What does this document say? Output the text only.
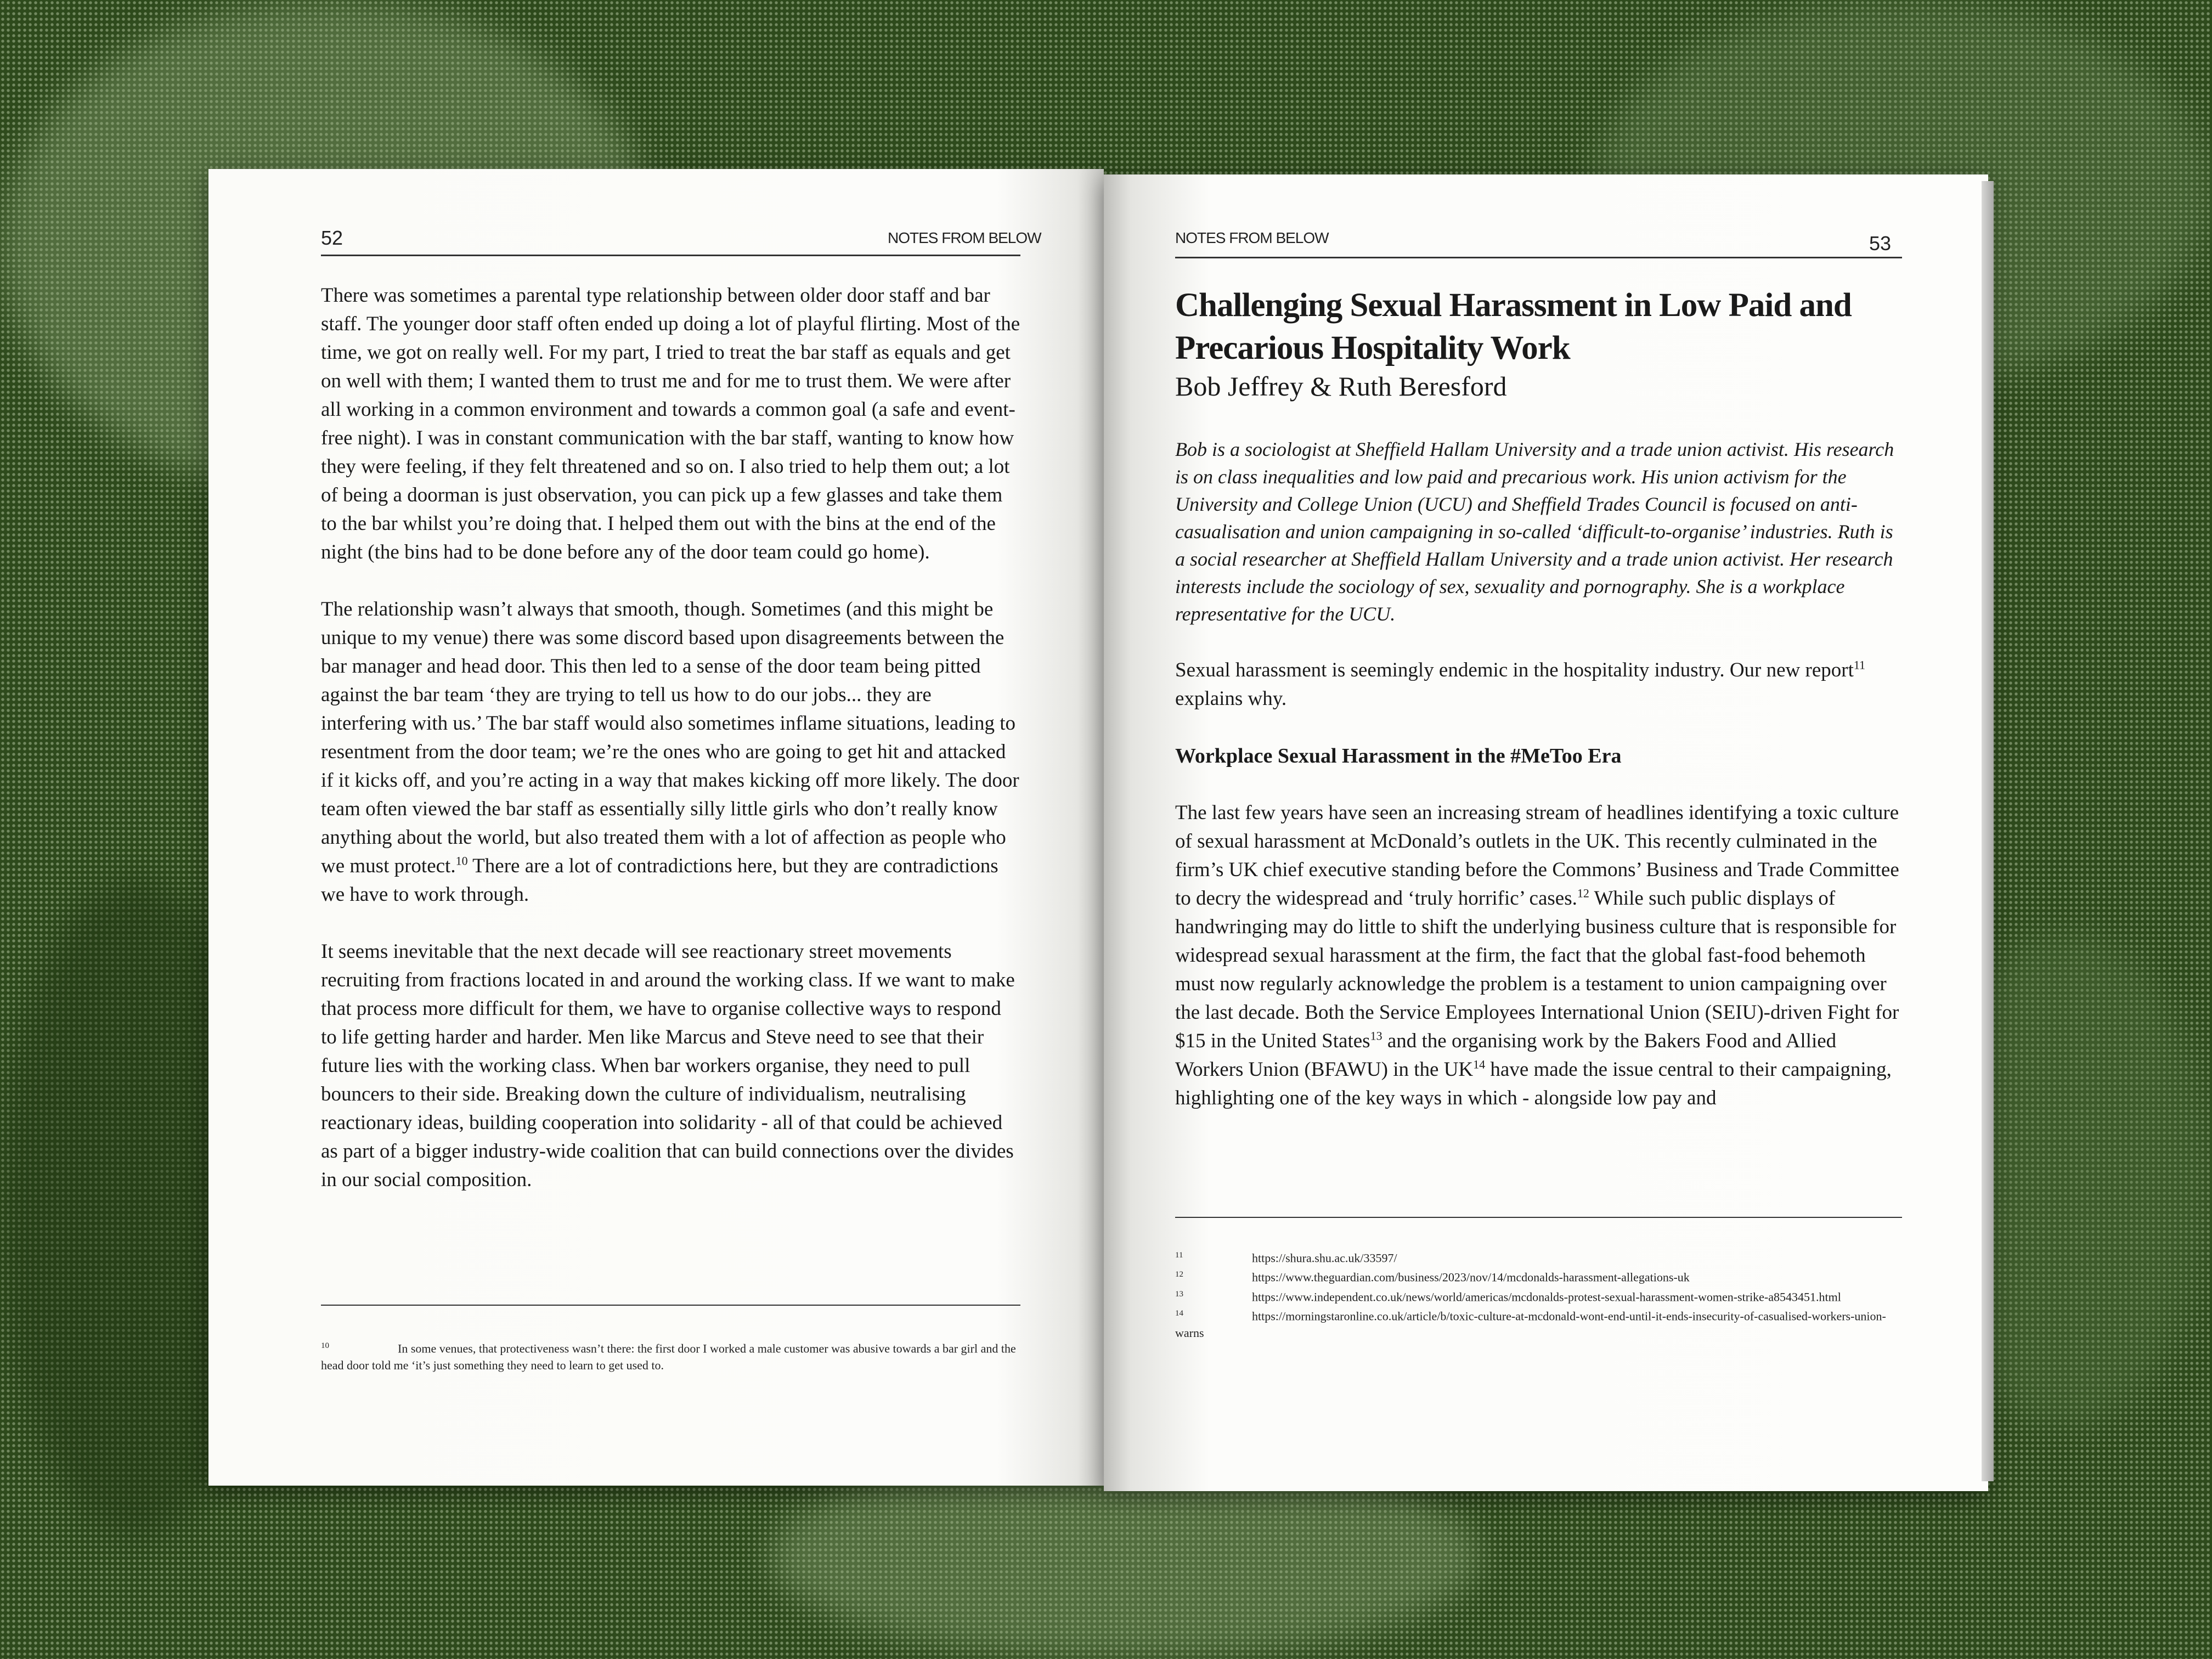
52	NOTES FROM BELOW

There was sometimes a parental type relationship between older door staff and bar staff. The younger door staff often ended up doing a lot of playful flirting. Most of the time, we got on really well. For my part, I tried to treat the bar staff as equals and get on well with them; I wanted them to trust me and for me to trust them. We were after all working in a common environment and towards a common goal (a safe and event-free night). I was in constant communication with the bar staff, wanting to know how they were feeling, if they felt threatened and so on. I also tried to help them out; a lot of being a doorman is just observation, you can pick up a few glasses and take them to the bar whilst you’re doing that. I helped them out with the bins at the end of the night (the bins had to be done before any of the door team could go home).

The relationship wasn’t always that smooth, though. Sometimes (and this might be unique to my venue) there was some discord based upon disagreements between the bar manager and head door. This then led to a sense of the door team being pitted against the bar team ‘they are trying to tell us how to do our jobs... they are interfering with us.’ The bar staff would also sometimes inflame situations, leading to resentment from the door team; we’re the ones who are going to get hit and attacked if it kicks off, and you’re acting in a way that makes kicking off more likely. The door team often viewed the bar staff as essentially silly little girls who don’t really know anything about the world, but also treated them with a lot of affection as people who we must protect.$^{10}$ There are a lot of contradictions here, but they are contradictions we have to work through.

It seems inevitable that the next decade will see reactionary street movements recruiting from fractions located in and around the working class. If we want to make that process more difficult for them, we have to organise collective ways to respond to life getting harder and harder. Men like Marcus and Steve need to see that their future lies with the working class. When bar workers organise, they need to pull bouncers to their side. Breaking down the culture of individualism, neutralising reactionary ideas, building cooperation into solidarity - all of that could be achieved as part of a bigger industry-wide coalition that can build connections over the divides in our social composition.

10	In some venues, that protectiveness wasn’t there: the first door I worked a male customer was abusive towards a bar girl and the head door told me ‘it’s just something they need to learn to get used to.
NOTES FROM BELOW	53
Challenging Sexual Harassment in Low Paid and Precarious Hospitality Work
Bob Jeffrey & Ruth Beresford
Bob is a sociologist at Sheffield Hallam University and a trade union activist. His research is on class inequalities and low paid and precarious work. His union activism for the University and College Union (UCU) and Sheffield Trades Council is focused on anti-casualisation and union campaigning in so-called ‘difficult-to-organise’ industries. Ruth is a social researcher at Sheffield Hallam University and a trade union activist. Her research interests include the sociology of sex, sexuality and pornography. She is a workplace representative for the UCU.

Sexual harassment is seemingly endemic in the hospitality industry. Our new report$^{11}$ explains why.

Workplace Sexual Harassment in the #MeToo Era

The last few years have seen an increasing stream of headlines identifying a toxic culture of sexual harassment at McDonald’s outlets in the UK. This recently culminated in the firm’s UK chief executive standing before the Commons’ Business and Trade Committee to decry the widespread and ‘truly horrific’ cases.$^{12}$ While such public displays of handwringing may do little to shift the underlying business culture that is responsible for widespread sexual harassment at the firm, the fact that the global fast-food behemoth must now regularly acknowledge the problem is a testament to union campaigning over the last decade. Both the Service Employees International Union (SEIU)-driven Fight for $15 in the United States$^{13}$ and the organising work by the Bakers Food and Allied Workers Union (BFAWU) in the UK$^{14}$ have made the issue central to their campaigning, highlighting one of the key ways in which - alongside low pay and

11	https://shura.shu.ac.uk/33597/
12	https://www.theguardian.com/business/2023/nov/14/mcdonalds-harassment-allegations-uk
13	https://www.independent.co.uk/news/world/americas/mcdonalds-protest-sexual-harassment-women-strike-a8543451.html
14	https://morningstaronline.co.uk/article/b/toxic-culture-at-mcdonald-wont-end-until-it-ends-insecurity-of-casualised-workers-union-warns
